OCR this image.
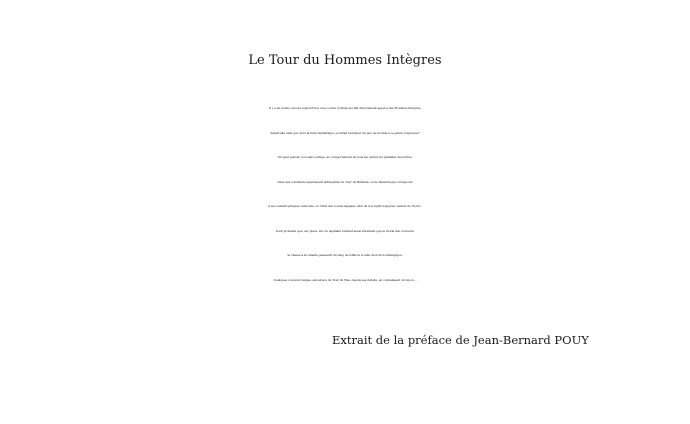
Le Tour du Hommes Intègres
Il y a au moins, encore aujourd’hui, une course cycliste qui fait directement appel à des Hommes Intègres.
Serait-elle celle qui, hors la furia médiatique, pourrait redonner un peu de morale à ce genre d’épreuve?
On peut penser, non sans vertige, au comportement de tous les cadors du pédialier, les nôtres,
dans des conditions légèrement effrayantes du Tour du Burkina, où la climatologie correspond
à nos catastrophiques canicules, où l’état des routes dépasse celui de nos mythologiques «enfers du Nord».
Il est probable que, sur place, sur un asphalte fondant aussi sûrement que le moral des coureurs,
la chasse à la canette passerait du rang de folklore à celui de notion stratégique.
Quelques coureurs belges, amoureux du Tour du Faso depuis ses débuts, en connaissent un rayon…
Extrait de la préface de Jean-Bernard POUY
